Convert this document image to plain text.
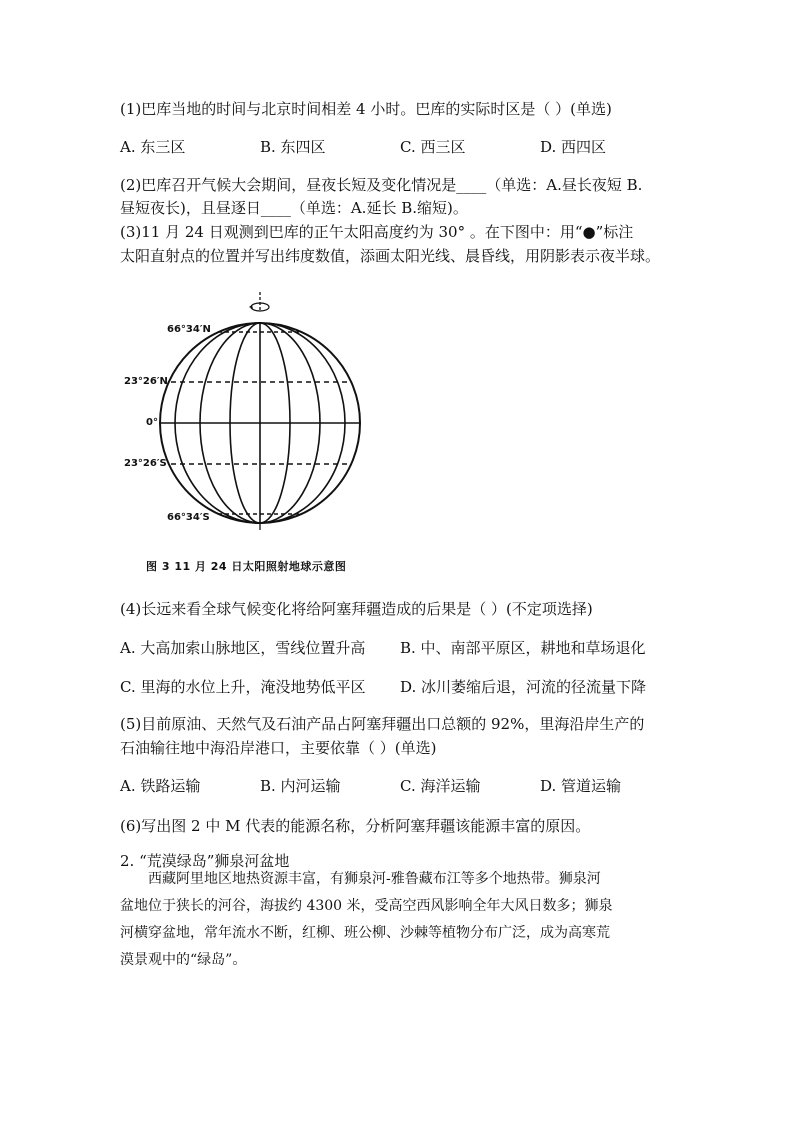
(1)巴库当地的时间与北京时间相差 4 小时。巴库的实际时区是（ ）(单选)
A. 东三区	B. 东四区	C. 西三区	D. 西四区
(2)巴库召开气候大会期间，昼夜长短及变化情况是____（单选：A.昼长夜短 B.
昼短夜长)，且昼逐日____（单选：A.延长 B.缩短)。
(3)11 月 24 日观测到巴库的正午太阳高度约为 30° 。在下图中：用“●”标注
太阳直射点的位置并写出纬度数值，添画太阳光线、晨昏线，用阴影表示夜半球。
66°34′N
23°26′N
0°
23°26′S
66°34′S
图 3 11 月 24 日太阳照射地球示意图
(4)长远来看全球气候变化将给阿塞拜疆造成的后果是（ ）(不定项选择)
A. 大高加索山脉地区，雪线位置升高 B. 中、南部平原区，耕地和草场退化
C. 里海的水位上升，淹没地势低平区 D. 冰川萎缩后退，河流的径流量下降
(5)目前原油、天然气及石油产品占阿塞拜疆出口总额的 92%，里海沿岸生产的
石油输往地中海沿岸港口，主要依靠（ ）(单选)
A. 铁路运输	B. 内河运输	C. 海洋运输	D. 管道运输
(6)写出图 2 中 M 代表的能源名称，分析阿塞拜疆该能源丰富的原因。
2. “荒漠绿岛”狮泉河盆地
西藏阿里地区地热资源丰富，有狮泉河-雅鲁藏布江等多个地热带。狮泉河
盆地位于狭长的河谷，海拔约 4300 米，受高空西风影响全年大风日数多；狮泉
河横穿盆地，常年流水不断，红柳、班公柳、沙棘等植物分布广泛，成为高寒荒
漠景观中的“绿岛”。
